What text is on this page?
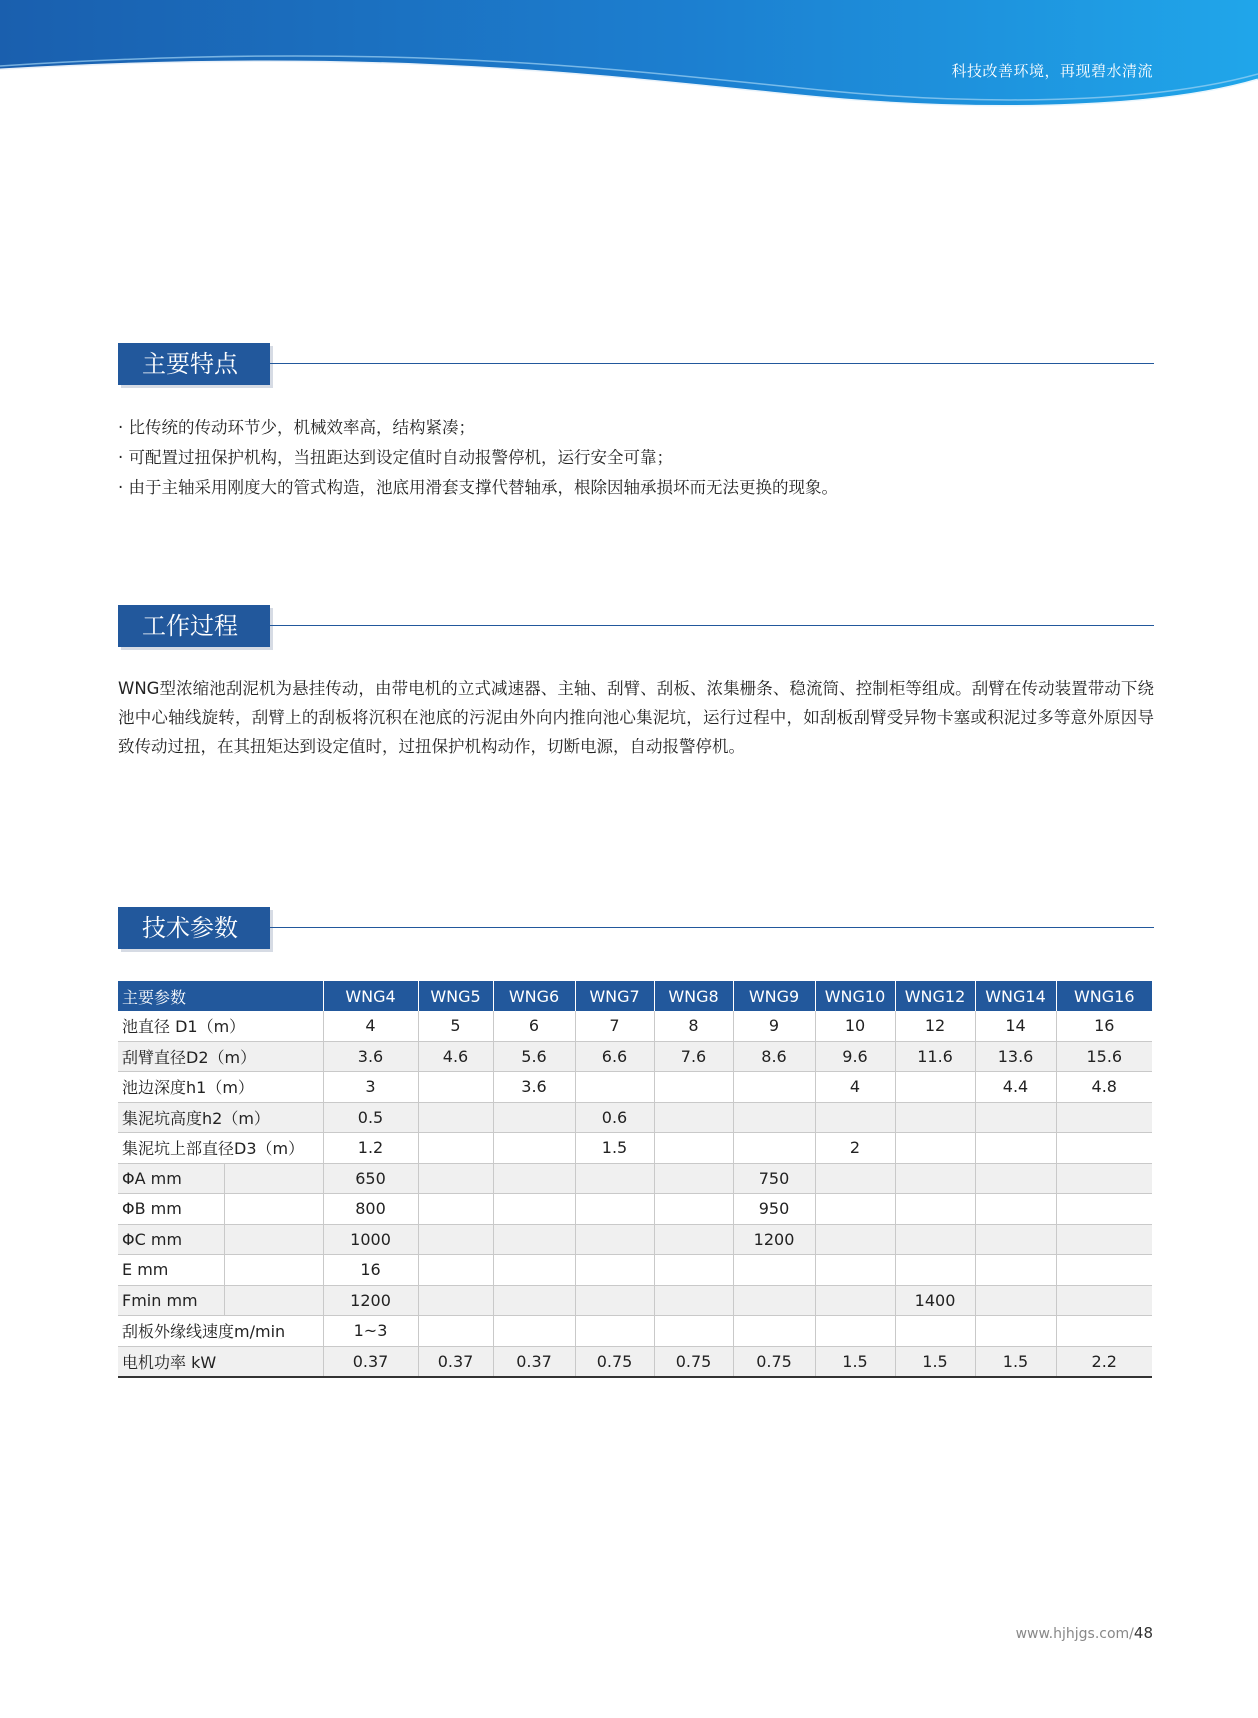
科技改善环境，再现碧水清流
主要特点
· 比传统的传动环节少，机械效率高，结构紧凑；
· 可配置过扭保护机构，当扭距达到设定值时自动报警停机，运行安全可靠；
· 由于主轴采用刚度大的管式构造，池底用滑套支撑代替轴承，根除因轴承损坏而无法更换的现象。
工作过程
WNG型浓缩池刮泥机为悬挂传动，由带电机的立式减速器、主轴、刮臂、刮板、浓集栅条、稳流筒、控制柜等组成。刮臂在传动装置带动下绕池中心轴线旋转，刮臂上的刮板将沉积在池底的污泥由外向内推向池心集泥坑，运行过程中，如刮板刮臂受异物卡塞或积泥过多等意外原因导致传动过扭，在其扭矩达到设定值时，过扭保护机构动作，切断电源，自动报警停机。
技术参数
主要参数		WNG4	WNG5	WNG6	WNG7	WNG8	WNG9	WNG10	WNG12	WNG14	WNG16
池直径 D1（m）		4	5	6	7	8	9	10	12	14	16
刮臂直径D2（m）		3.6	4.6	5.6	6.6	7.6	8.6	9.6	11.6	13.6	15.6
池边深度h1（m）		3		3.6				4		4.4	4.8
集泥坑高度h2（m）		0.5			0.6						
集泥坑上部直径D3（m）		1.2			1.5			2			
ΦA mm		650					750				
ΦB mm		800					950				
ΦC mm		1000					1200				
E mm		16									
Fmin mm		1200							1400		
刮板外缘线速度m/min		1~3									
电机功率 kW		0.37	0.37	0.37	0.75	0.75	0.75	1.5	1.5	1.5	2.2
www.hjhjgs.com/48
